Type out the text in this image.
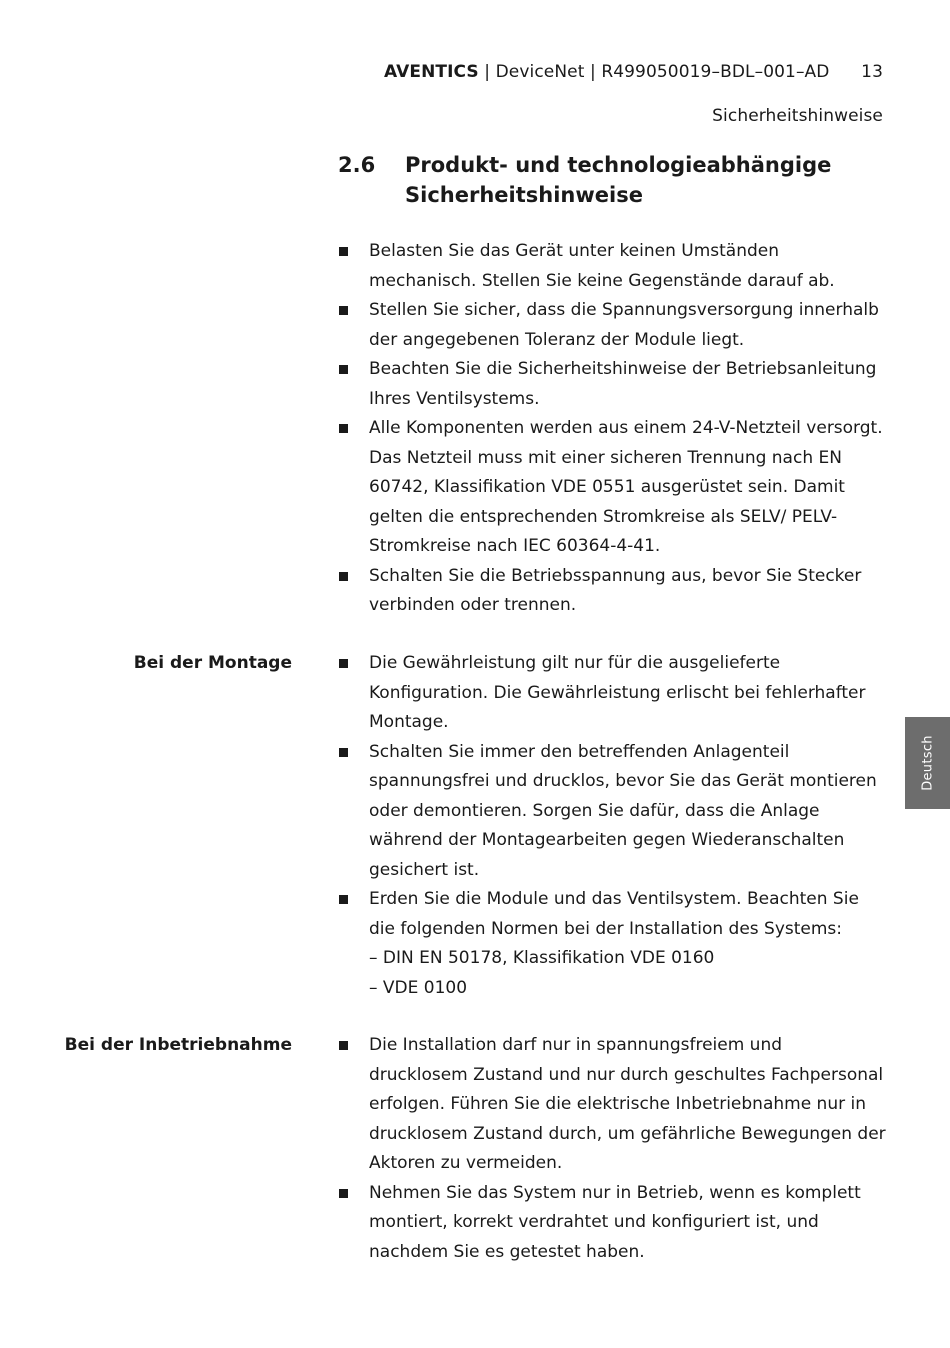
AVENTICS | DeviceNet | R499050019–BDL–001–AD 13
Sicherheitshinweise
2.6 Produkt- und technologieabhängige Sicherheitshinweise
Belasten Sie das Gerät unter keinen Umständen mechanisch. Stellen Sie keine Gegenstände darauf ab.
Stellen Sie sicher, dass die Spannungsversorgung innerhalb der angegebenen Toleranz der Module liegt.
Beachten Sie die Sicherheitshinweise der Betriebsanleitung Ihres Ventilsystems.
Alle Komponenten werden aus einem 24-V-Netzteil versorgt. Das Netzteil muss mit einer sicheren Trennung nach EN 60742, Klassifikation VDE 0551 ausgerüstet sein. Damit gelten die entsprechenden Stromkreise als SELV/ PELV-Stromkreise nach IEC 60364-4-41.
Schalten Sie die Betriebsspannung aus, bevor Sie Stecker verbinden oder trennen.
Bei der Montage	Die Gewährleistung gilt nur für die ausgelieferte Konfiguration. Die Gewährleistung erlischt bei fehlerhafter Montage.
Schalten Sie immer den betreffenden Anlagenteil spannungsfrei und drucklos, bevor Sie das Gerät montieren oder demontieren. Sorgen Sie dafür, dass die Anlage während der Montagearbeiten gegen Wiederanschalten gesichert ist.
Erden Sie die Module und das Ventilsystem. Beachten Sie die folgenden Normen bei der Installation des Systems:
– DIN EN 50178, Klassifikation VDE 0160
– VDE 0100
Bei der Inbetriebnahme	Die Installation darf nur in spannungsfreiem und drucklosem Zustand und nur durch geschultes Fachpersonal erfolgen. Führen Sie die elektrische Inbetriebnahme nur in drucklosem Zustand durch, um gefährliche Bewegungen der Aktoren zu vermeiden.
Nehmen Sie das System nur in Betrieb, wenn es komplett montiert, korrekt verdrahtet und konfiguriert ist, und nachdem Sie es getestet haben.
Deutsch
